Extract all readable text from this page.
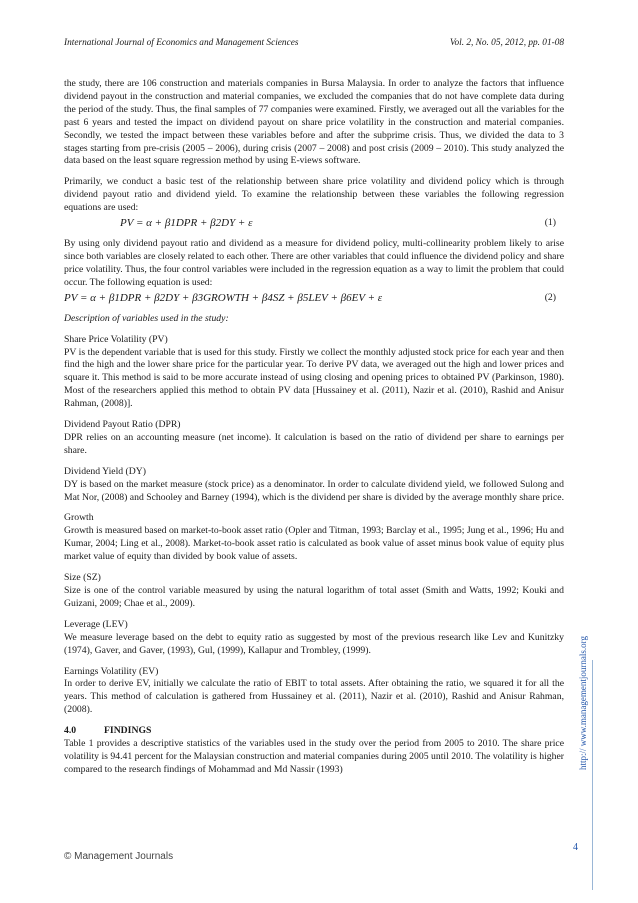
International Journal of Economics and Management Sciences	Vol. 2, No. 05, 2012, pp. 01-08

the study, there are 106 construction and materials companies in Bursa Malaysia. In order to analyze the factors that influence dividend payout in the construction and material companies, we excluded the companies that do not have complete data during the period of the study. Thus, the final samples of 77 companies were examined. Firstly, we averaged out all the variables for the past 6 years and tested the impact on dividend payout on share price volatility in the construction and material companies. Secondly, we tested the impact between these variables before and after the subprime crisis. Thus, we divided the data to 3 stages starting from pre-crisis (2005 – 2006), during crisis (2007 – 2008) and post crisis (2009 – 2010). This study analyzed the data based on the least square regression method by using E-views software.

Primarily, we conduct a basic test of the relationship between share price volatility and dividend policy which is through dividend payout ratio and dividend yield. To examine the relationship between these variables the following regression equations are used:

PV = α + β1DPR + β2DY + ε	(1)

By using only dividend payout ratio and dividend as a measure for dividend policy, multi-collinearity problem likely to arise since both variables are closely related to each other. There are other variables that could influence the dividend policy and share price volatility. Thus, the four control variables were included in the regression equation as a way to limit the problem that could occur. The following equation is used:

PV = α + β1DPR + β2DY + β3GROWTH + β4SZ + β5LEV + β6EV + ε	(2)

Description of variables used in the study:

Share Price Volatility (PV)

PV is the dependent variable that is used for this study. Firstly we collect the monthly adjusted stock price for each year and then find the high and the lower share price for the particular year. To derive PV data, we averaged out the high and lower prices and square it. This method is said to be more accurate instead of using closing and opening prices to obtained PV (Parkinson, 1980). Most of the researchers applied this method to obtain PV data [Hussainey et al. (2011), Nazir et al. (2010), Rashid and Anisur Rahman, (2008)].

Dividend Payout Ratio (DPR)

DPR relies on an accounting measure (net income). It calculation is based on the ratio of dividend per share to earnings per share.

Dividend Yield (DY)

DY is based on the market measure (stock price) as a denominator. In order to calculate dividend yield, we followed Sulong and Mat Nor, (2008) and Schooley and Barney (1994), which is the dividend per share is divided by the average monthly share price.

Growth

Growth is measured based on market-to-book asset ratio (Opler and Titman, 1993; Barclay et al., 1995; Jung et al., 1996; Hu and Kumar, 2004; Ling et al., 2008). Market-to-book asset ratio is calculated as book value of asset minus book value of equity plus market value of equity than divided by book value of assets.

Size (SZ)

Size is one of the control variable measured by using the natural logarithm of total asset (Smith and Watts, 1992; Kouki and Guizani, 2009; Chae et al., 2009).

Leverage (LEV)

We measure leverage based on the debt to equity ratio as suggested by most of the previous research like Lev and Kunitzky (1974), Gaver, and Gaver, (1993), Gul, (1999), Kallapur and Trombley, (1999).

Earnings Volatility (EV)

In order to derive EV, initially we calculate the ratio of EBIT to total assets. After obtaining the ratio, we squared it for all the years. This method of calculation is gathered from Hussainey et al. (2011), Nazir et al. (2010), Rashid and Anisur Rahman, (2008).

4.0	FINDINGS

Table 1 provides a descriptive statistics of the variables used in the study over the period from 2005 to 2010. The share price volatility is 94.41 percent for the Malaysian construction and material companies during 2005 until 2010. The volatility is higher compared to the research findings of Mohammad and Md Nassir (1993)	http:// www.managementjournals.org
© Management Journals
4
